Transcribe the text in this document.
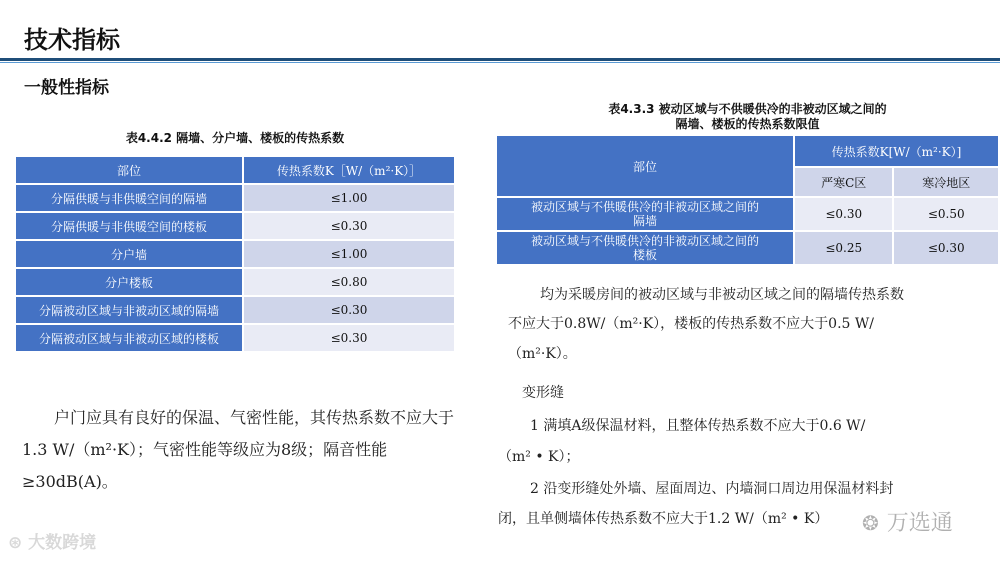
技术指标
一般性指标
表4.4.2 隔墙、分户墙、楼板的传热系数
部位	传热系数K［W/（m²·K）］
分隔供暖与非供暖空间的隔墙	≤1.00
分隔供暖与非供暖空间的楼板	≤0.30
分户墙	≤1.00
分户楼板	≤0.80
分隔被动区域与非被动区域的隔墙	≤0.30
分隔被动区域与非被动区域的楼板	≤0.30
表4.3.3 被动区域与不供暖供冷的非被动区域之间的
隔墙、楼板的传热系数限值
部位	传热系数K[W/（m²·K）]	
	严寒C区	寒冷地区

被动区域与不供暖供冷的非被动区域之间的
隔墙	≤0.30	≤0.50

被动区域与不供暖供冷的非被动区域之间的
楼板	≤0.25	≤0.30
户门应具有良好的保温、气密性能，其传热系数不应大于1.3 W/（m²·K）；气密性能等级应为8级；隔音性能≥30dB(A)。
均为采暖房间的被动区域与非被动区域之间的隔墙传热系数
不应大于0.8W/（m²·K），楼板的传热系数不应大于0.5 W/
（m²·K）。
变形缝
1 满填A级保温材料，且整体传热系数不应大于0.6 W/
（m² • K）；
2 沿变形缝处外墙、屋面周边、内墙洞口周边用保温材料封
闭，且单侧墙体传热系数不应大于1.2 W/（m² • K）
⊛ 大数跨境
❂ 万选通
